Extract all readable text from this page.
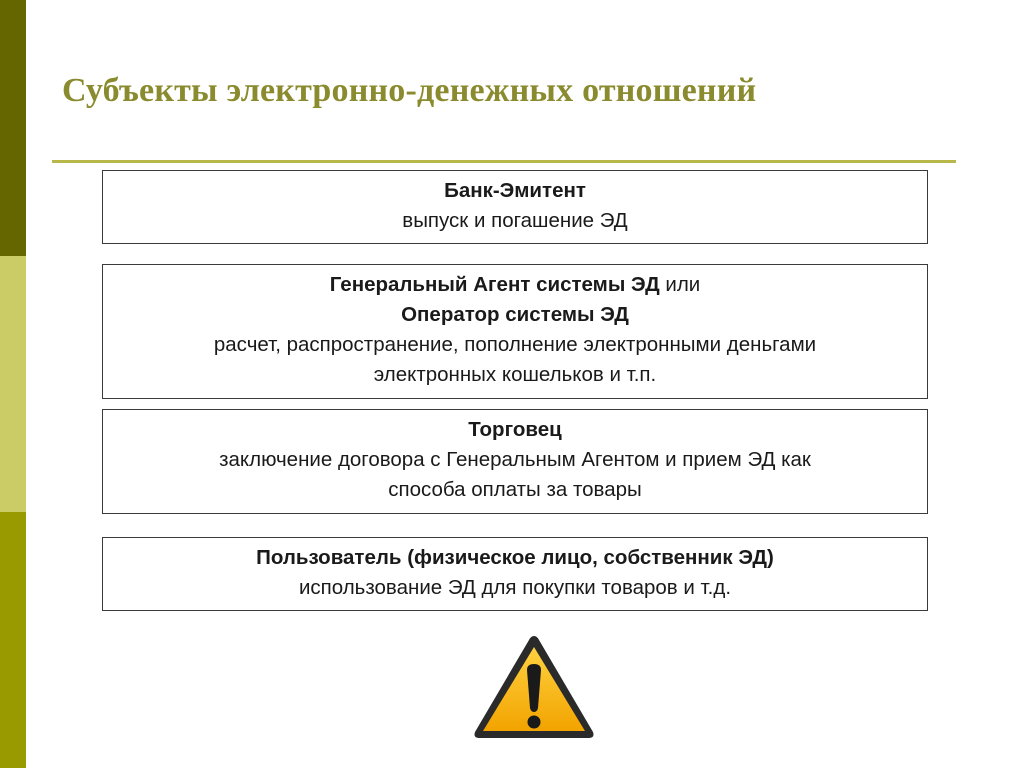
Субъекты электронно-денежных отношений
Банк-Эмитент
выпуск и погашение ЭД
Генеральный Агент системы ЭД или
Оператор системы ЭД
расчет, распространение, пополнение электронными деньгами
электронных кошельков и т.п.
Торговец
заключение договора с Генеральным Агентом и прием ЭД как
способа оплаты за товары
Пользователь (физическое лицо, собственник ЭД)
использование ЭД для покупки товаров и т.д.
